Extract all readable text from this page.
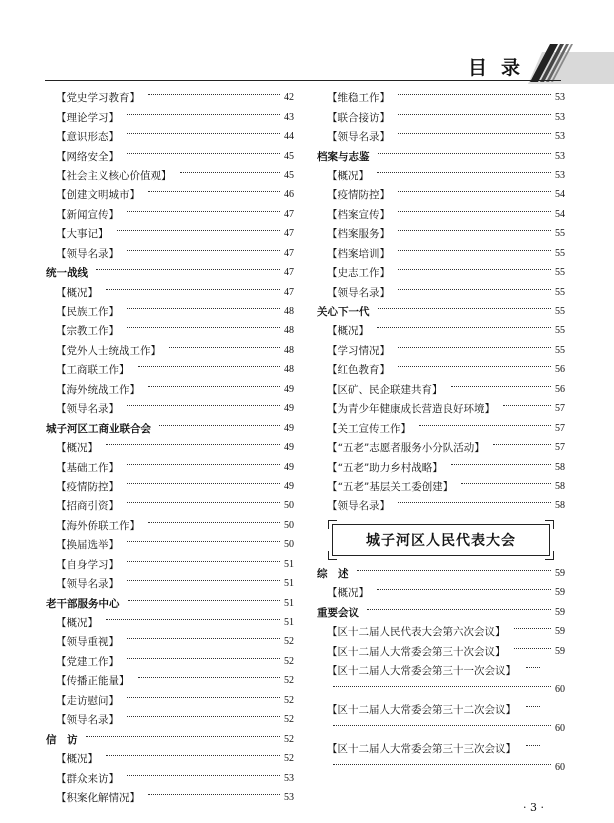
目录
【党史学习教育】	42
【理论学习】	43
【意识形态】	44
【网络安全】	45
【社会主义核心价值观】	45
【创建文明城市】	46
【新闻宣传】	47
【大事记】	47
【领导名录】	47
统一战线	47
【概况】	47
【民族工作】	48
【宗教工作】	48
【党外人士统战工作】	48
【工商联工作】	48
【海外统战工作】	49
【领导名录】	49
城子河区工商业联合会	49
【概况】	49
【基础工作】	49
【疫情防控】	49
【招商引资】	50
【海外侨联工作】	50
【换届选举】	50
【自身学习】	51
【领导名录】	51
老干部服务中心	51
【概况】	51
【领导重视】	52
【党建工作】	52
【传播正能量】	52
【走访慰问】	52
【领导名录】	52
信　访	52
【概况】	52
【群众来访】	53
【积案化解情况】	53
【维稳工作】	53
【联合接访】	53
【领导名录】	53
档案与志鉴	53
【概况】	53
【疫情防控】	54
【档案宣传】	54
【档案服务】	55
【档案培训】	55
【史志工作】	55
【领导名录】	55
关心下一代	55
【概况】	55
【学习情况】	55
【红色教育】	56
【区矿、民企联建共育】	56
【为青少年健康成长营造良好环境】	57
【关工宣传工作】	57
【“五老”志愿者服务小分队活动】	57
【“五老”助力乡村战略】	58
【“五老”基层关工委创建】	58
【领导名录】	58
城子河区人民代表大会
综　述	59
【概况】	59
重要会议	59
【区十二届人民代表大会第六次会议】	59
【区十二届人大常委会第三十次会议】	59
【区十二届人大常委会第三十一次会议】
60
【区十二届人大常委会第三十二次会议】
60
【区十二届人大常委会第三十三次会议】
60
· 3 ·
